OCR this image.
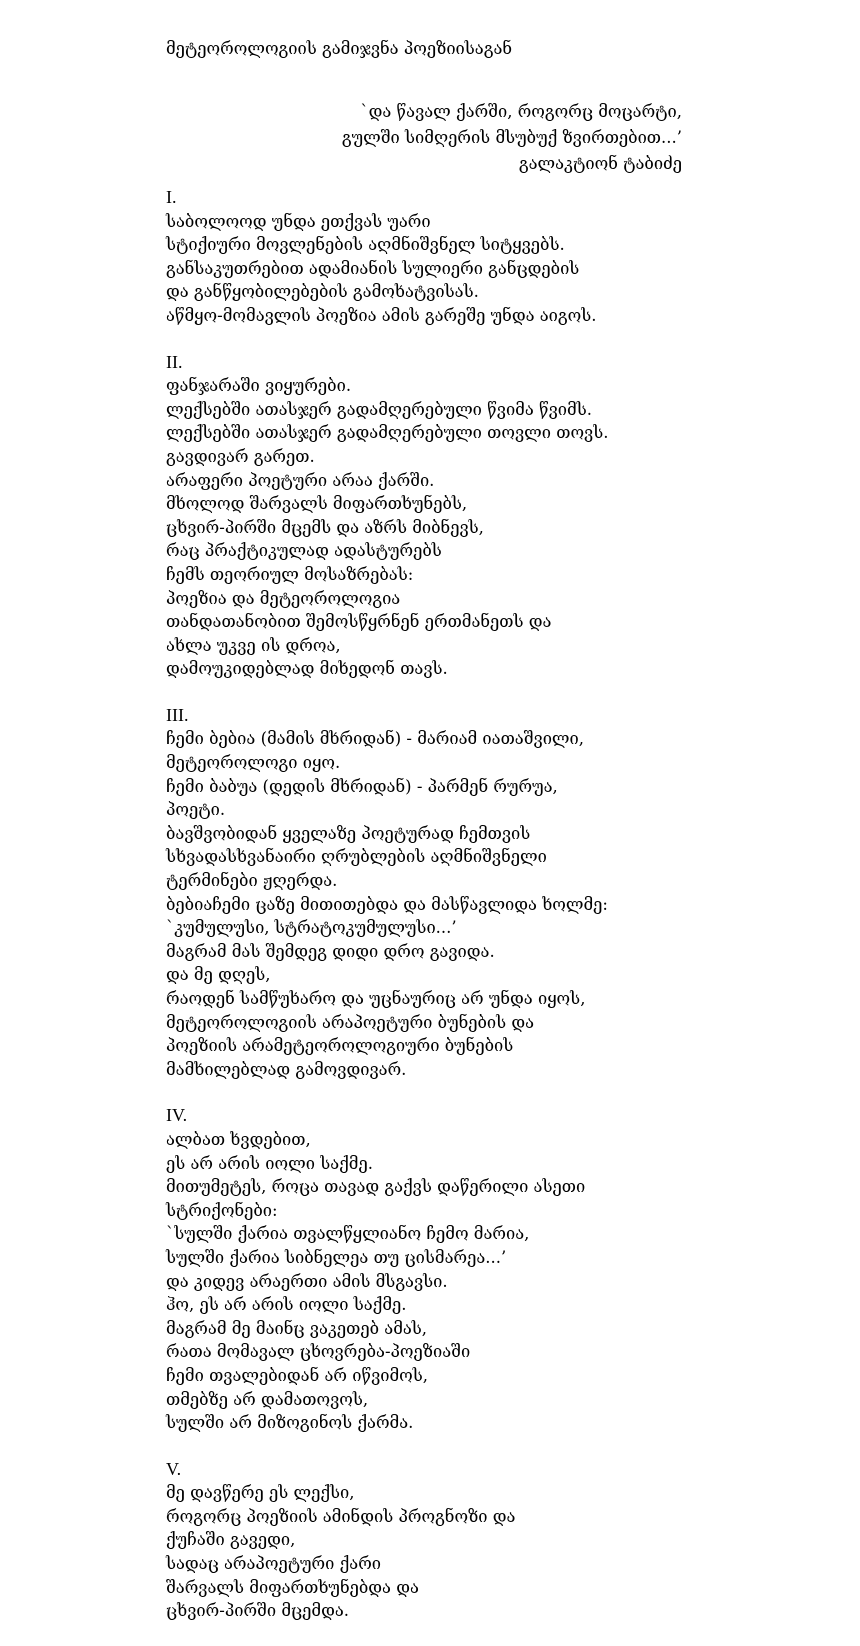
მეტეოროლოგიის გამიჯვნა პოეზიისაგან
`და წავალ ქარში, როგორც მოცარტი,
გულში სიმღერის მსუბუქ ზვირთებით...’
გალაკტიონ ტაბიძე
I.
საბოლოოდ უნდა ეთქვას უარი
სტიქიური მოვლენების აღმნიშვნელ სიტყვებს.
განსაკუთრებით ადამიანის სულიერი განცდების
და განწყობილებების გამოხატვისას.
აწმყო-მომავლის პოეზია ამის გარეშე უნდა აიგოს.
II.
ფანჯარაში ვიყურები.
ლექსებში ათასჯერ გადამღერებული წვიმა წვიმს.
ლექსებში ათასჯერ გადამღერებული თოვლი თოვს.
გავდივარ გარეთ.
არაფერი პოეტური არაა ქარში.
მხოლოდ შარვალს მიფართხუნებს,
ცხვირ-პირში მცემს და აზრს მიბნევს,
რაც პრაქტიკულად ადასტურებს
ჩემს თეორიულ მოსაზრებას:
პოეზია და მეტეოროლოგია
თანდათანობით შემოსწყრნენ ერთმანეთს და
ახლა უკვე ის დროა,
დამოუკიდებლად მიხედონ თავს.
III.
ჩემი ბებია (მამის მხრიდან) - მარიამ იათაშვილი,
მეტეოროლოგი იყო.
ჩემი ბაბუა (დედის მხრიდან) - პარმენ რურუა,
პოეტი.
ბავშვობიდან ყველაზე პოეტურად ჩემთვის
სხვადასხვანაირი ღრუბლების აღმნიშვნელი
ტერმინები ჟღერდა.
ბებიაჩემი ცაზე მითითებდა და მასწავლიდა ხოლმე:
`კუმულუსი, სტრატოკუმულუსი...’
მაგრამ მას შემდეგ დიდი დრო გავიდა.
და მე დღეს,
რაოდენ სამწუხარო და უცნაურიც არ უნდა იყოს,
მეტეოროლოგიის არაპოეტური ბუნების და
პოეზიის არამეტეოროლოგიური ბუნების
მამხილებლად გამოვდივარ.
IV.
ალბათ ხვდებით,
ეს არ არის იოლი საქმე.
მითუმეტეს, როცა თავად გაქვს დაწერილი ასეთი
სტრიქონები:
`სულში ქარია თვალწყლიანო ჩემო მარია,
სულში ქარია სიბნელეა თუ ცისმარეა...’
და კიდევ არაერთი ამის მსგავსი.
ჰო, ეს არ არის იოლი საქმე.
მაგრამ მე მაინც ვაკეთებ ამას,
რათა მომავალ ცხოვრება-პოეზიაში
ჩემი თვალებიდან არ იწვიმოს,
თმებზე არ დამათოვოს,
სულში არ მიზოგინოს ქარმა.
V.
მე დავწერე ეს ლექსი,
როგორც პოეზიის ამინდის პროგნოზი და
ქუჩაში გავედი,
სადაც არაპოეტური ქარი
შარვალს მიფართხუნებდა და
ცხვირ-პირში მცემდა.
